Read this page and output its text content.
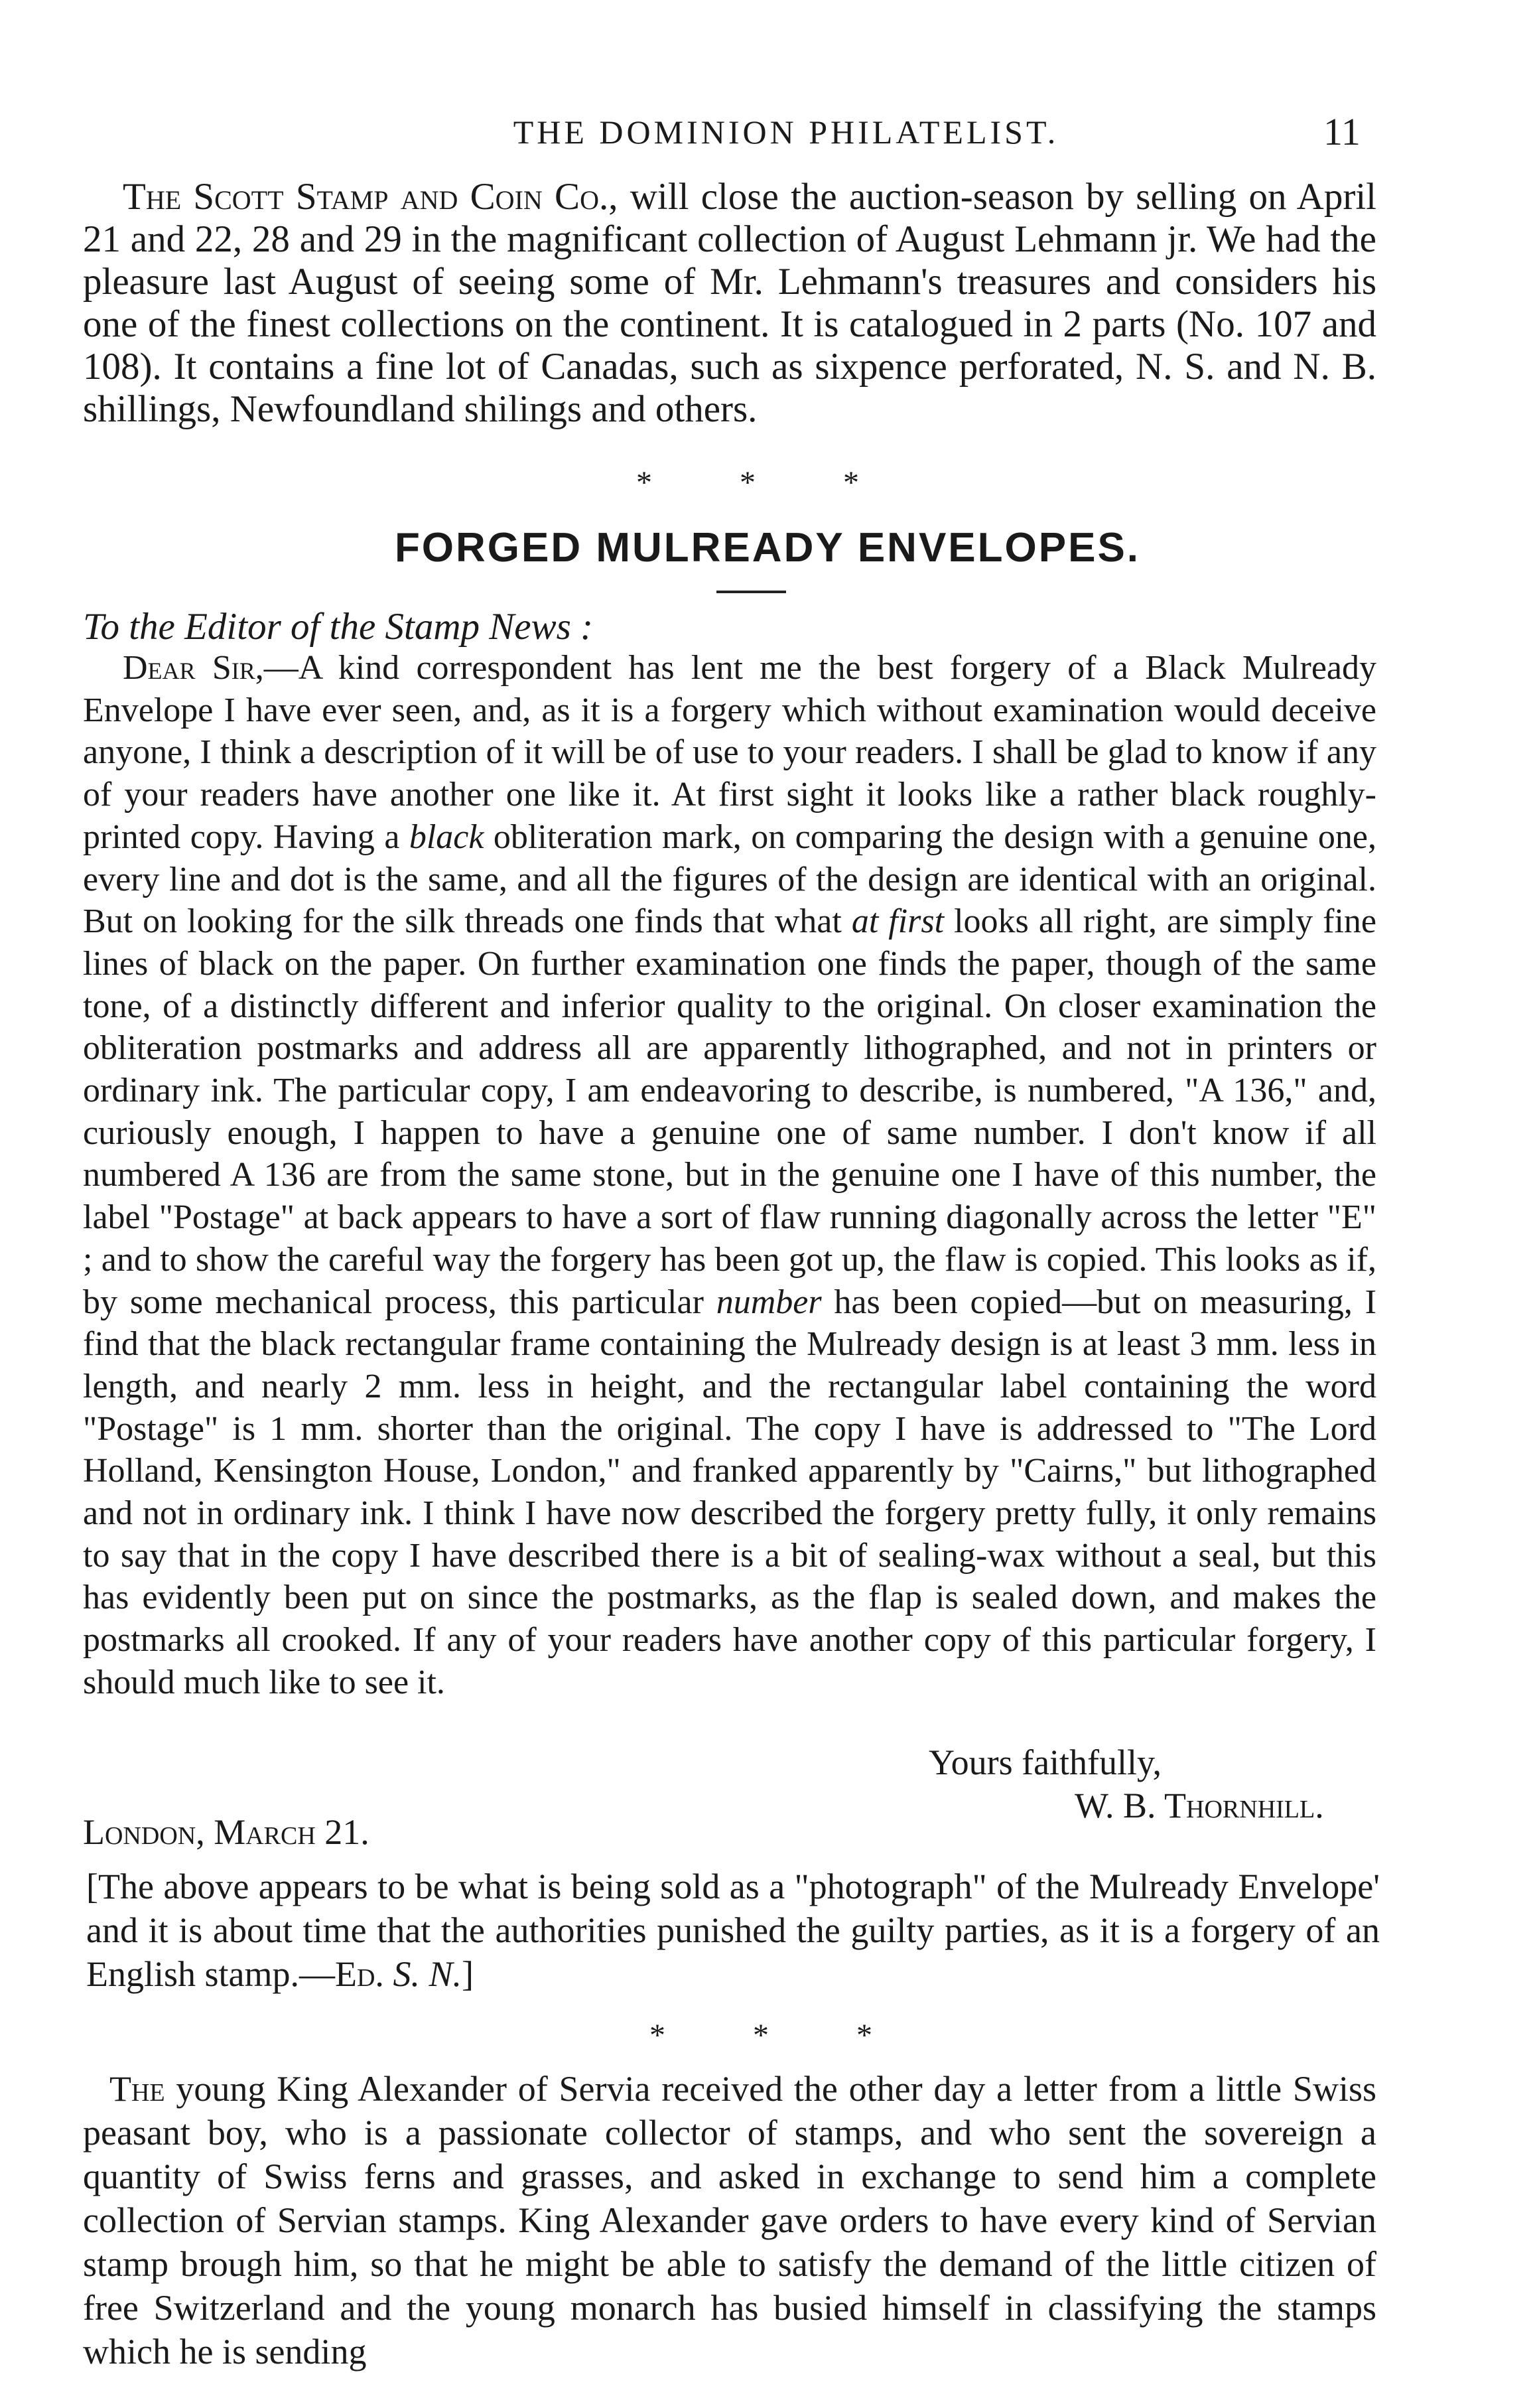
THE DOMINION PHILATELIST.	11

The Scott Stamp and Coin Co., will close the auction-season by selling on April 21 and 22, 28 and 29 in the magnificant collection of August Lehmann jr. We had the pleasure last August of seeing some of Mr. Lehmann's treasures and considers his one of the finest collections on the continent. It is catalogued in 2 parts (No. 107 and 108). It contains a fine lot of Canadas, such as sixpence perforated, N. S. and N. B. shillings, Newfoundland shilings and others.

* * *
FORGED MULREADY ENVELOPES.
To the Editor of the Stamp News :

Dear Sir,—A kind correspondent has lent me the best forgery of a Black Mulready Envelope I have ever seen, and, as it is a forgery which without examination would deceive anyone, I think a description of it will be of use to your readers. I shall be glad to know if any of your readers have another one like it. At first sight it looks like a rather black roughly-printed copy. Having a black obliteration mark, on comparing the design with a genuine one, every line and dot is the same, and all the figures of the design are identical with an original. But on looking for the silk threads one finds that what at first looks all right, are simply fine lines of black on the paper. On further examination one finds the paper, though of the same tone, of a distinctly different and inferior quality to the original. On closer examination the obliteration postmarks and address all are apparently lithographed, and not in printers or ordinary ink. The particular copy, I am endeavoring to describe, is numbered, "A 136," and, curiously enough, I happen to have a genuine one of same number. I don't know if all numbered A 136 are from the same stone, but in the genuine one I have of this number, the label "Postage" at back appears to have a sort of flaw running diagonally across the letter "E" ; and to show the careful way the forgery has been got up, the flaw is copied. This looks as if, by some mechanical process, this particular number has been copied—but on measuring, I find that the black rectangular frame containing the Mulready design is at least 3 mm. less in length, and nearly 2 mm. less in height, and the rectangular label containing the word "Postage" is 1 mm. shorter than the original. The copy I have is addressed to "The Lord Holland, Kensington House, London," and franked apparently by "Cairns," but lithographed and not in ordinary ink. I think I have now described the forgery pretty fully, it only remains to say that in the copy I have described there is a bit of sealing-wax without a seal, but this has evidently been put on since the postmarks, as the flap is sealed down, and makes the postmarks all crooked. If any of your readers have another copy of this particular forgery, I should much like to see it.

Yours faithfully,
W. B. Thornhill.
London, March 21.

[The above appears to be what is being sold as a "photograph" of the Mulready Envelope' and it is about time that the authorities punished the guilty parties, as it is a forgery of an English stamp.—Ed. S. N.]

* * *

The young King Alexander of Servia received the other day a letter from a little Swiss peasant boy, who is a passionate collector of stamps, and who sent the sovereign a quantity of Swiss ferns and grasses, and asked in exchange to send him a complete collection of Servian stamps. King Alexander gave orders to have every kind of Servian stamp brough him, so that he might be able to satisfy the demand of the little citizen of free Switzerland and the young monarch has busied himself in classifying the stamps which he is sending
